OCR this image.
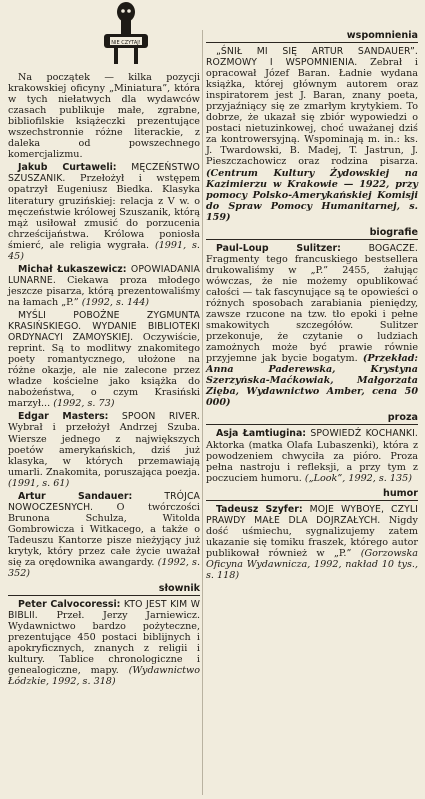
NIE CZYTAJ!

Na początek — kilka pozycji krakowskiej oficyny „Miniatura”, która w tych niełatwych dla wydawców czasach publikuje małe, zgrabne, bibliofilskie książeczki prezentujące wszechstronnie różne literackie, z daleka od powszechnego komercjalizmu.

Jakub Curtaweli: MĘCZEŃSTWO SZUSZANIK. Przełożył i wstępem opatrzył Eugeniusz Biedka. Klasyka literatury gruzińskiej: relacja z V w. o męczeństwie królowej Szuszanik, którą mąż usiłował zmusić do porzucenia chrześcijaństwa. Królowa poniosła śmierć, ale religia wygrała. (1991, s. 45)

Michał Łukaszewicz: OPOWIADANIA LUNARNE. Ciekawa proza młodego jeszcze pisarza, którą prezentowaliśmy na łamach „P.” (1992, s. 144)

MYŚLI POBOŻNE ZYGMUNTA KRASIŃSKIEGO. WYDANIE BIBLIOTEKI ORDYNACYI ZAMOYSKIEJ. Oczywiście, reprint. Są to modlitwy znakomitego poety romantycznego, ułożone na różne okazje, ale nie zalecone przez władze kościelne jako książka do nabożeństwa, o czym Krasiński marzył... (1992, s. 73)

Edgar Masters: SPOON RIVER. Wybrał i przełożył Andrzej Szuba. Wiersze jednego z największych poetów amerykańskich, dziś już klasyka, w których przemawiają umarli. Znakomita, poruszająca poezja. (1991, s. 61)

Artur Sandauer:	TRÓJCA NOWOCZESNYCH. O twórczości Brunona Schulza, Witolda Gombrowicza i Witkacego, a także o Tadeuszu Kantorze pisze nieżyjący już krytyk, który przez całe życie uważał się za orędownika awangardy. (1992, s. 352)

słownik

Peter Calvocoressi: KTO JEST KIM W BIBLII. Przeł. Jerzy Jarniewicz. Wydawnictwo bardzo pożyteczne, prezentujące 450 postaci biblijnych i apokryficznych, znanych z religii i kultury. Tablice chronologiczne i genealogiczne, mapy. (Wydawnictwo Łódzkie, 1992, s. 318)

wspomnienia

„ŚNIŁ MI SIĘ ARTUR SANDAUER”. ROZMOWY I WSPOMNIENIA. Zebrał i opracował Józef Baran. Ładnie wydana książka, której głównym autorem oraz inspiratorem jest J. Baran, znany poeta, przyjaźniący się ze zmarłym krytykiem. To dobrze, że ukazał się zbiór wypowiedzi o postaci nietuzinkowej, choć uważanej dziś za kontrowersyjną. Wspominają m. in.: ks. J. Twardowski, B. Madej, T. Jastrun, J. Pieszczachowicz oraz rodzina pisarza. (Centrum Kultury Żydowskiej na Kazimierzu w Krakowie — 1922, przy pomocy Polsko-Amerykańskiej Komisji do Spraw Pomocy Humanitarnej, s. 159)

biografie

Paul-Loup Sulitzer:	BOGACZE. Fragmenty tego francuskiego bestsellera drukowaliśmy w „P.” 2455, żałując wówczas, że nie możemy opublikować całości — tak fascynujące są te opowieści o różnych sposobach zarabiania pieniędzy, zawsze rzucone na tzw. tło epoki i pełne smakowitych szczegółów. Sulitzer przekonuje, że czytanie o ludziach zamożnych może być prawie równie przyjemne jak bycie bogatym. (Przekład: Anna Paderewska, Krystyna Szerzyńska-Maćkowiak, Małgorzata Zięba, Wydawnictwo Amber, cena 50 000)

proza

Asja Łamtiugina: SPOWIEDŹ KOCHANKI. Aktorka (matka Olafa Lubaszenki), która z powodzeniem chwyciła za pióro. Proza pełna nastroju i refleksji, a przy tym z poczuciem humoru. („Look”, 1992, s. 135)

humor

Tadeusz Szyfer: MOJE WYBOYE, CZYLI PRAWDY MAŁE DLA DOJRZAŁYCH. Nigdy dość uśmiechu, sygnalizujemy zatem ukazanie się tomiku fraszek, którego autor publikował również w „P.” (Gorzowska Oficyna Wydawnicza, 1992, nakład 10 tys., s. 118)
